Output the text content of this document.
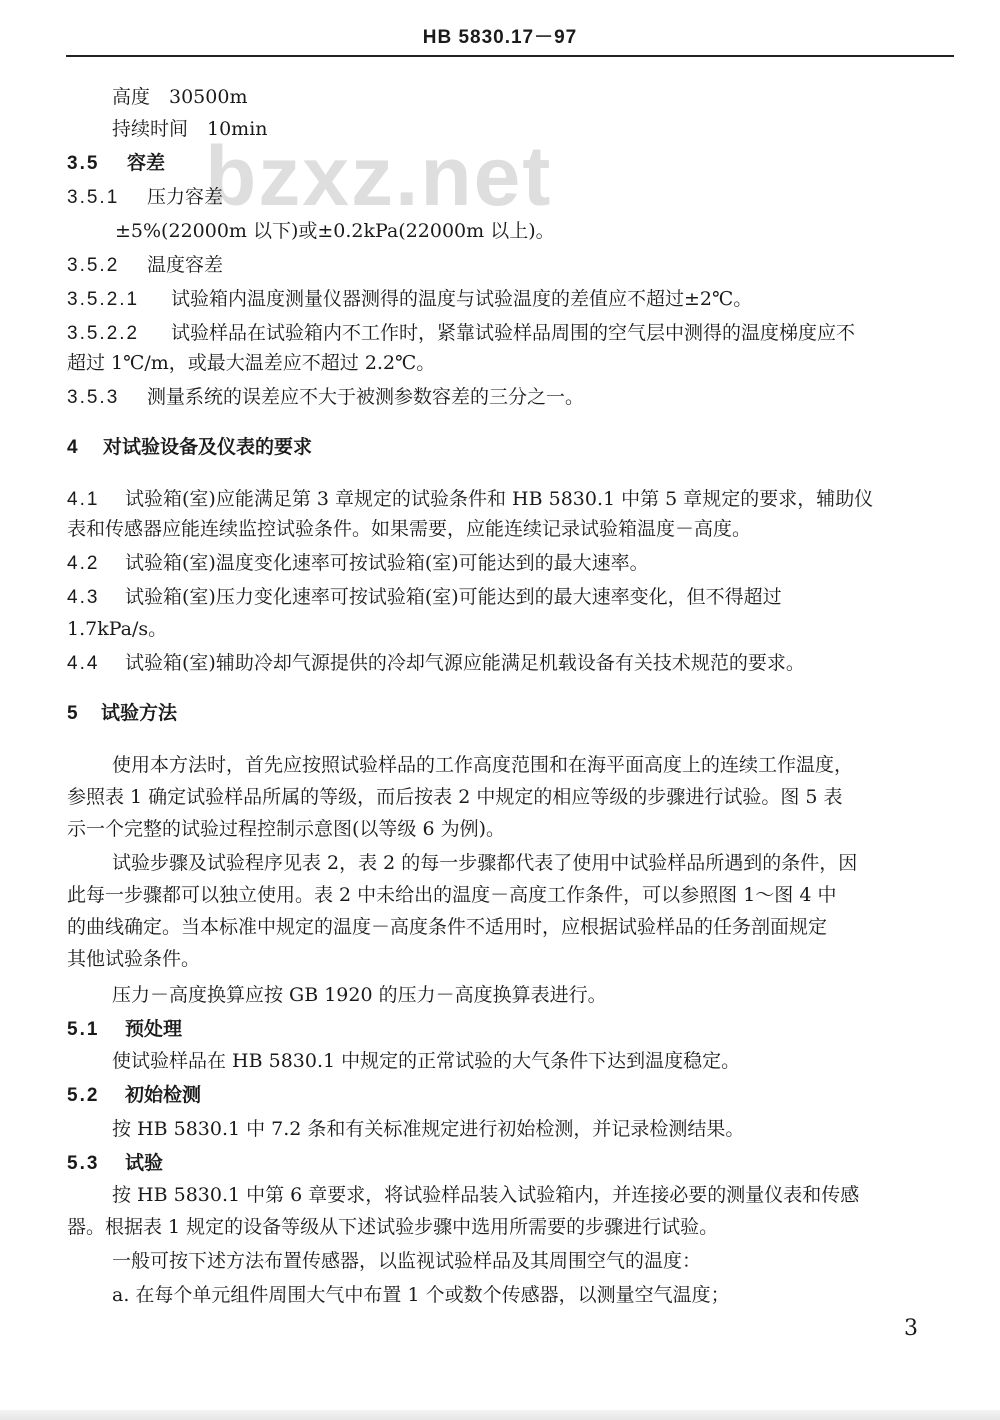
HB 5830.17－97
bzxz.net
高度　30500m
持续时间　10min
3.5 容差
3.5.1 压力容差
±5%(22000m 以下)或±0.2kPa(22000m 以上)。
3.5.2 温度容差
3.5.2.1 试验箱内温度测量仪器测得的温度与试验温度的差值应不超过±2℃。
3.5.2.2 试验样品在试验箱内不工作时，紧靠试验样品周围的空气层中测得的温度梯度应不
超过 1℃/m，或最大温差应不超过 2.2℃。
3.5.3 测量系统的误差应不大于被测参数容差的三分之一。
4 对试验设备及仪表的要求
4.1 试验箱(室)应能满足第 3 章规定的试验条件和 HB 5830.1 中第 5 章规定的要求，辅助仪
表和传感器应能连续监控试验条件。如果需要，应能连续记录试验箱温度－高度。
4.2 试验箱(室)温度变化速率可按试验箱(室)可能达到的最大速率。
4.3 试验箱(室)压力变化速率可按试验箱(室)可能达到的最大速率变化，但不得超过
1.7kPa/s。
4.4 试验箱(室)辅助冷却气源提供的冷却气源应能满足机载设备有关技术规范的要求。
5 试验方法
使用本方法时，首先应按照试验样品的工作高度范围和在海平面高度上的连续工作温度，
参照表 1 确定试验样品所属的等级，而后按表 2 中规定的相应等级的步骤进行试验。图 5 表
示一个完整的试验过程控制示意图(以等级 6 为例)。
试验步骤及试验程序见表 2，表 2 的每一步骤都代表了使用中试验样品所遇到的条件，因
此每一步骤都可以独立使用。表 2 中未给出的温度－高度工作条件，可以参照图 1～图 4 中
的曲线确定。当本标准中规定的温度－高度条件不适用时，应根据试验样品的任务剖面规定
其他试验条件。
压力－高度换算应按 GB 1920 的压力－高度换算表进行。
5.1 预处理
使试验样品在 HB 5830.1 中规定的正常试验的大气条件下达到温度稳定。
5.2 初始检测
按 HB 5830.1 中 7.2 条和有关标准规定进行初始检测，并记录检测结果。
5.3 试验
按 HB 5830.1 中第 6 章要求，将试验样品装入试验箱内，并连接必要的测量仪表和传感
器。根据表 1 规定的设备等级从下述试验步骤中选用所需要的步骤进行试验。
一般可按下述方法布置传感器，以监视试验样品及其周围空气的温度：
a. 在每个单元组件周围大气中布置 1 个或数个传感器，以测量空气温度；
3
